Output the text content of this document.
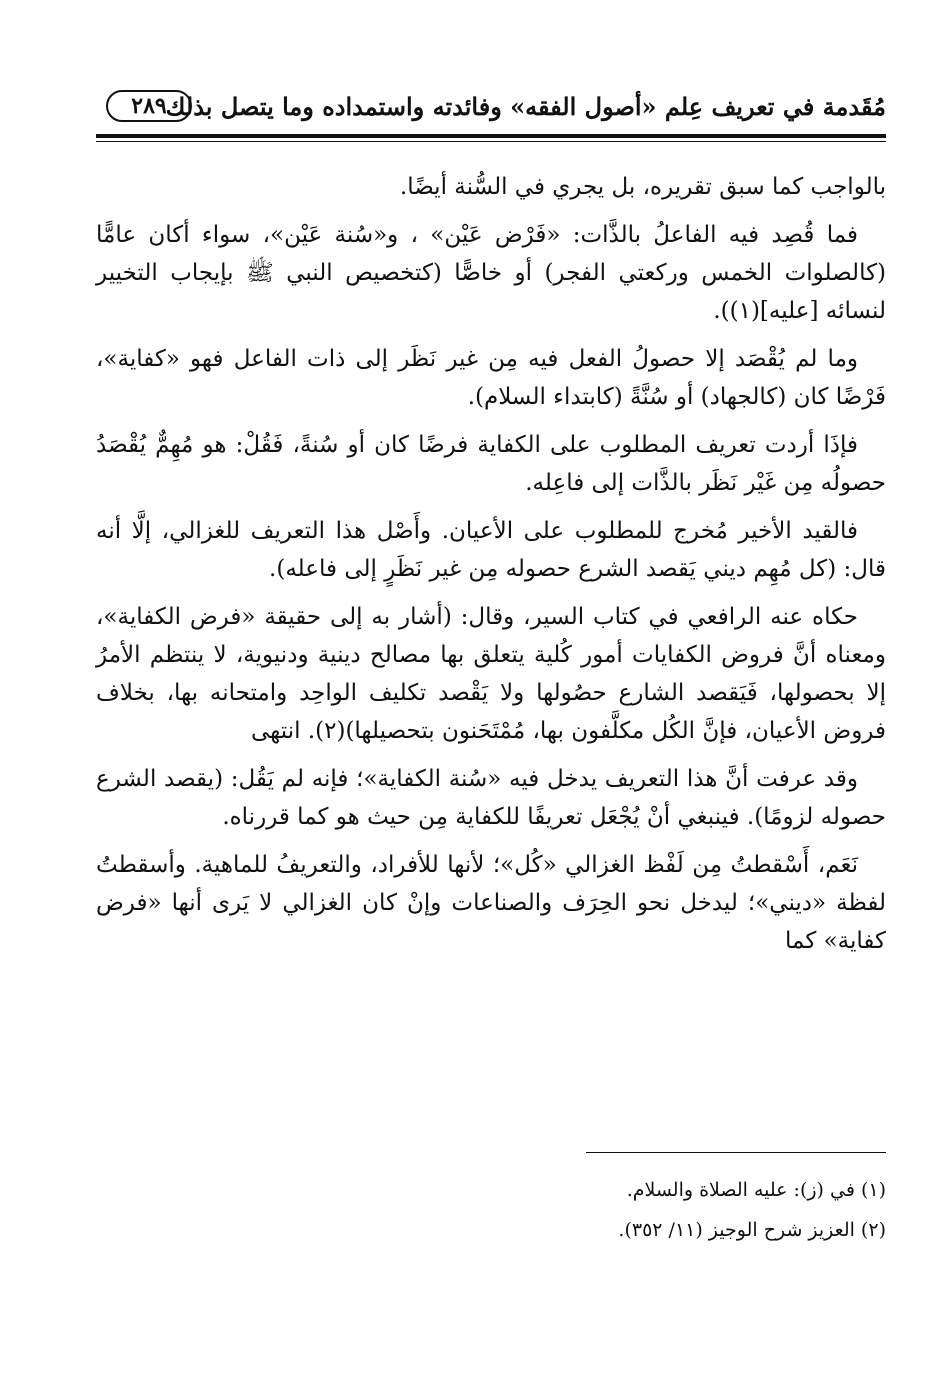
مُقَدمة في تعريف عِلم «أصول الفقه» وفائدته واستمداده وما يتصل بذلك
٢٨٩

بالواجب كما سبق تقريره، بل يجري في السُّنة أيضًا.

فما قُصِد فيه الفاعلُ بالذَّات: «فَرْض عَيْن» ، و«سُنة عَيْن»، سواء أكان عامًّا (كالصلوات الخمس وركعتي الفجر) أو خاصًّا (كتخصيص النبي ﷺ بإيجاب التخيير لنسائه [عليه](١)).

وما لم يُقْصَد إلا حصولُ الفعل فيه مِن غير نَظَر إلى ذات الفاعل فهو «كفاية»، فَرْضًا كان (كالجهاد) أو سُنَّةً (كابتداء السلام).

فإذَا أردت تعريف المطلوب على الكفاية فرضًا كان أو سُنةً، فَقُلْ: هو مُهِمٌّ يُقْصَدُ حصولُه مِن غَيْر نَظَر بالذَّات إلى فاعِله.

فالقيد الأخير مُخرج للمطلوب على الأعيان. وأَصْل هذا التعريف للغزالي، إلَّا أنه قال: (كل مُهِم ديني يَقصد الشرع حصوله مِن غير نَظَرٍ إلى فاعله).

حكاه عنه الرافعي في كتاب السير، وقال: (أشار به إلى حقيقة «فرض الكفاية»، ومعناه أنَّ فروض الكفايات أمور كُلية يتعلق بها مصالح دينية ودنيوية، لا ينتظم الأمرُ إلا بحصولها، فَيَقصد الشارع حصُولها ولا يَقْصد تكليف الواحِد وامتحانه بها، بخلاف فروض الأعيان، فإنَّ الكُل مكلَّفون بها، مُمْتَحَنون بتحصيلها)(٢). انتهى

وقد عرفت أنَّ هذا التعريف يدخل فيه «سُنة الكفاية»؛ فإنه لم يَقُل: (يقصد الشرع حصوله لزومًا). فينبغي أنْ يُجْعَل تعريفًا للكفاية مِن حيث هو كما قررناه.

نَعَم، أَسْقطتُ مِن لَفْظ الغزالي «كُل»؛ لأنها للأفراد، والتعريفُ للماهية. وأسقطتُ لفظة «ديني»؛ ليدخل نحو الحِرَف والصناعات وإنْ كان الغزالي لا يَرى أنها «فرض كفاية» كما

(١) في (ز): عليه الصلاة والسلام.

(٢) العزيز شرح الوجيز (١١/ ٣٥٢).
